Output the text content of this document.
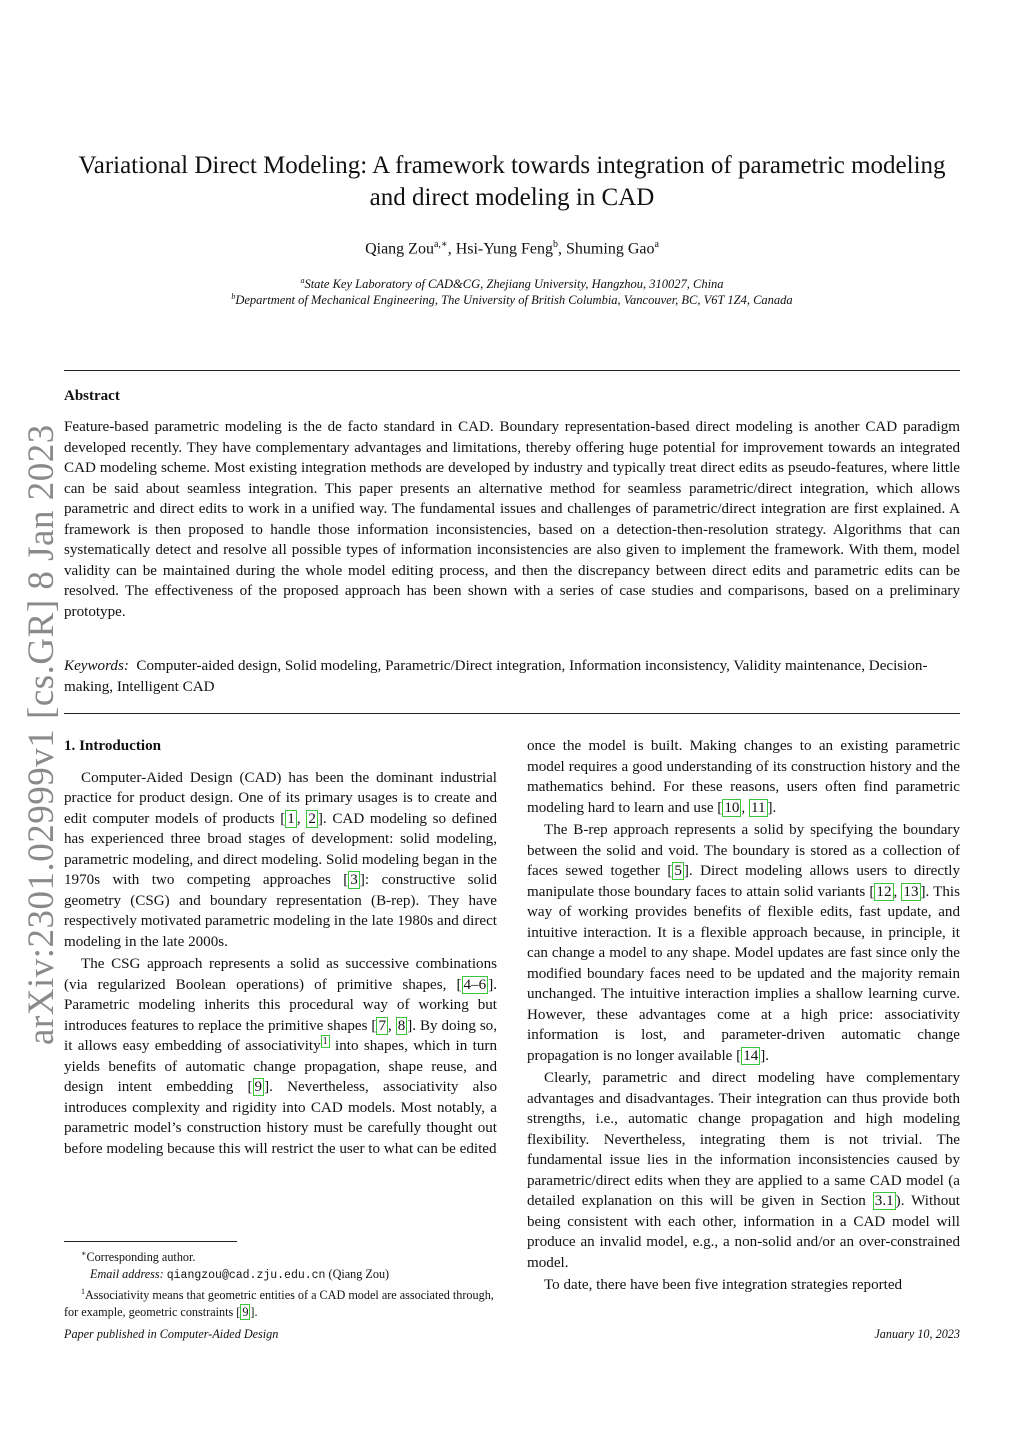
arXiv:2301.02999v1 [cs.GR] 8 Jan 2023
Variational Direct Modeling: A framework towards integration of parametric modeling
and direct modeling in CAD
Qiang Zou$^{a,∗}$, Hsi-Yung Feng$^b$, Shuming Gao$^a$
$^a$State Key Laboratory of CAD&CG, Zhejiang University, Hangzhou, 310027, China
$^b$Department of Mechanical Engineering, The University of British Columbia, Vancouver, BC, V6T 1Z4, Canada
Abstract
Feature-based parametric modeling is the de facto standard in CAD. Boundary representation-based direct modeling is another CAD paradigm developed recently. They have complementary advantages and limitations, thereby offering huge potential for improvement towards an integrated CAD modeling scheme. Most existing integration methods are developed by industry and typically treat direct edits as pseudo-features, where little can be said about seamless integration. This paper presents an alternative method for seamless parametric/direct integration, which allows parametric and direct edits to work in a unified way. The fundamental issues and challenges of parametric/direct integration are first explained. A framework is then proposed to handle those information inconsistencies, based on a detection-then-resolution strategy. Algorithms that can systematically detect and resolve all possible types of information inconsistencies are also given to implement the framework. With them, model validity can be maintained during the whole model editing process, and then the discrepancy between direct edits and parametric edits can be resolved. The effectiveness of the proposed approach has been shown with a series of case studies and comparisons, based on a preliminary prototype.
Keywords: Computer-aided design, Solid modeling, Parametric/Direct integration, Information inconsistency, Validity maintenance, Decision-making, Intelligent CAD
1. Introduction

Computer-Aided Design (CAD) has been the dominant industrial practice for product design. One of its primary usages is to create and edit computer models of products [ 1 , 2 ]. CAD modeling so defined has experienced three broad stages of development: solid modeling, parametric modeling, and direct modeling. Solid modeling began in the 1970s with two competing approaches [ 3 ]: constructive solid geometry (CSG) and boundary representation (B-rep). They have respectively motivated parametric modeling in the late 1980s and direct modeling in the late 2000s.

The CSG approach represents a solid as successive combinations (via regularized Boolean operations) of primitive shapes, [ 4–6 ]. Parametric modeling inherits this procedural way of working but introduces features to replace the primitive shapes [ 7 , 8 ]. By doing so, it allows easy embedding of associativity $^1$ into shapes, which in turn yields benefits of automatic change propagation, shape reuse, and design intent embedding [ 9 ]. Nevertheless, associativity also introduces complexity and rigidity into CAD models. Most notably, a parametric model’s construction history must be carefully thought out before modeling because this will restrict the user to what can be edited

once the model is built. Making changes to an existing parametric model requires a good understanding of its construction history and the mathematics behind. For these reasons, users often find parametric modeling hard to learn and use [ 10 , 11 ].

The B-rep approach represents a solid by specifying the boundary between the solid and void. The boundary is stored as a collection of faces sewed together [ 5 ]. Direct modeling allows users to directly manipulate those boundary faces to attain solid variants [ 12 , 13 ]. This way of working provides benefits of flexible edits, fast update, and intuitive interaction. It is a flexible approach because, in principle, it can change a model to any shape. Model updates are fast since only the modified boundary faces need to be updated and the majority remain unchanged. The intuitive interaction implies a shallow learning curve. However, these advantages come at a high price: associativity information is lost, and parameter-driven automatic change propagation is no longer available [ 14 ].

Clearly, parametric and direct modeling have complementary advantages and disadvantages. Their integration can thus provide both strengths, i.e., automatic change propagation and high modeling flexibility. Nevertheless, integrating them is not trivial. The fundamental issue lies in the information inconsistencies caused by parametric/direct edits when they are applied to a same CAD model (a detailed explanation on this will be given in Section 3.1 ). Without being consistent with each other, information in a CAD model will produce an invalid model, e.g., a non-solid and/or an over-constrained model.

To date, there have been five integration strategies reported

∗Corresponding author.
Email address: qiangzou@cad.zju.edu.cn (Qiang Zou)
$^1$Associativity means that geometric entities of a CAD model are associated through, for example, geometric constraints [ 9 ].
Paper published in Computer-Aided Design	January 10, 2023
